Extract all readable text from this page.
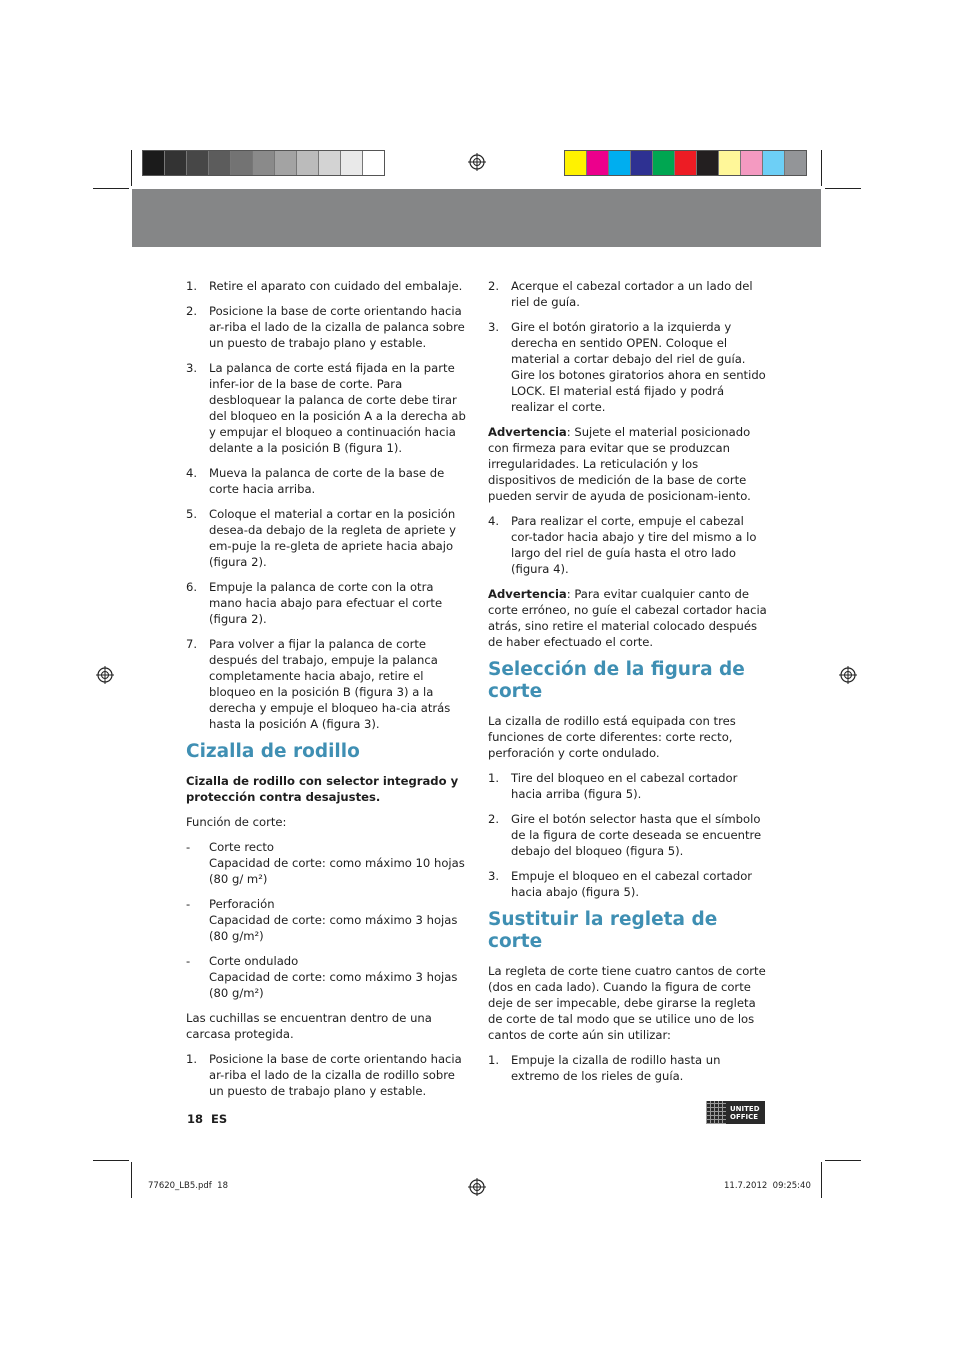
1.	Retire el aparato con cuidado del embalaje.
2.	Posicione la base de corte orientando hacia ar-riba el lado de la cizalla de palanca sobre un puesto de trabajo plano y estable.
3.	La palanca de corte está fijada en la parte infer-ior de la base de corte. Para desbloquear la palanca de corte debe tirar del bloqueo en la posición A a la derecha ab y empujar el bloqueo a continuación hacia delante a la posición B (figura 1).
4.	Mueva la palanca de corte de la base de corte hacia arriba.
5.	Coloque el material a cortar en la posición desea-da debajo de la regleta de apriete y em-puje la re-gleta de apriete hacia abajo (figura 2).
6.	Empuje la palanca de corte con la otra mano hacia abajo para efectuar el corte (figura 2).
7.	Para volver a fijar la palanca de corte después del trabajo, empuje la palanca completamente hacia abajo, retire el bloqueo en la posición B (figura 3) a la derecha y empuje el bloqueo ha-cia atrás hasta la posición A (figura 3).
Cizalla de rodillo

Cizalla de rodillo con selector integrado y protección contra desajustes.

Función de corte:

-	Corte recto
Capacidad de corte: como máximo 10 hojas (80 g/ m²)
-	Perforación
Capacidad de corte: como máximo 3 hojas (80 g/m²)
-	Corte ondulado
Capacidad de corte: como máximo 3 hojas (80 g/m²)

Las cuchillas se encuentran dentro de una carcasa protegida.

1.	Posicione la base de corte orientando hacia ar-riba el lado de la cizalla de rodillo sobre un puesto de trabajo plano y estable.
2.	Acerque el cabezal cortador a un lado del riel de guía.
3.	Gire el botón giratorio a la izquierda y derecha en sentido OPEN. Coloque el material a cortar debajo del riel de guía. Gire los botones giratorios ahora en sentido LOCK. El material está fijado y podrá realizar el corte.

Advertencia: Sujete el material posicionado con firmeza para evitar que se produzcan irregularidades. La reticulación y los dispositivos de medición de la base de corte pueden servir de ayuda de posicionam-iento.

4.	Para realizar el corte, empuje el cabezal cor-tador hacia abajo y tire del mismo a lo largo del riel de guía hasta el otro lado (figura 4).

Advertencia: Para evitar cualquier canto de corte erróneo, no guíe el cabezal cortador hacia atrás, sino retire el material colocado después de haber efectuado el corte.

Selección de la figura de corte

La cizalla de rodillo está equipada con tres funciones de corte diferentes: corte recto, perforación y corte ondulado.

1.	Tire del bloqueo en el cabezal cortador hacia arriba (figura 5).
2.	Gire el botón selector hasta que el símbolo de la figura de corte deseada se encuentre debajo del bloqueo (figura 5).
3.	Empuje el bloqueo en el cabezal cortador hacia abajo (figura 5).
Sustituir la regleta de corte

La regleta de corte tiene cuatro cantos de corte (dos en cada lado). Cuando la figura de corte deje de ser impecable, debe girarse la regleta de corte de tal modo que se utilice uno de los cantos de corte aún sin utilizar:

1.	Empuje la cizalla de rodillo hasta un extremo de los rieles de guía.
18 ES
UNITED
OFFICE
77620_LB5.pdf 18	11.7.2012 09:25:40
